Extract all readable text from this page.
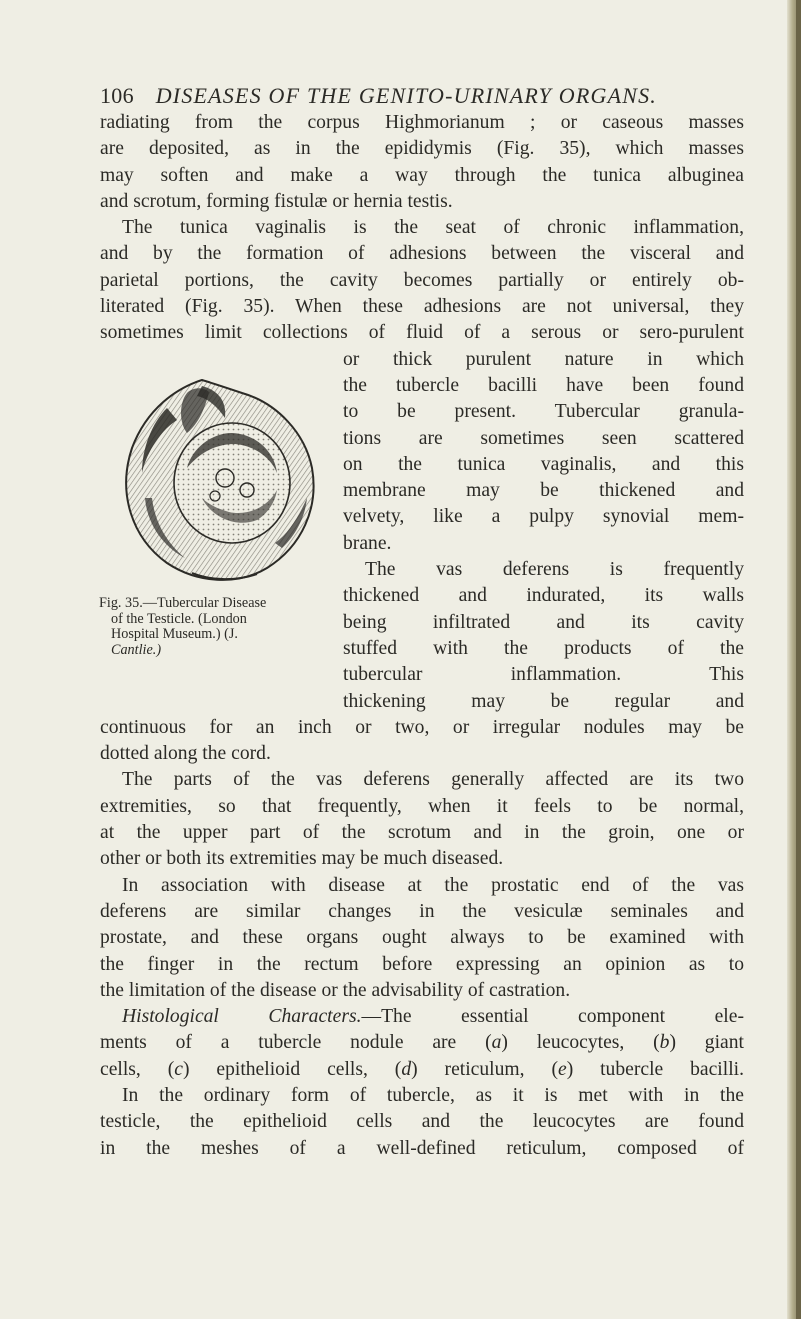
106 DISEASES OF THE GENITO-URINARY ORGANS.
radiating from the corpus Highmorianum ; or caseous masses
are deposited, as in the epididymis (Fig. 35), which masses
may soften and make a way through the tunica albuginea
and scrotum, forming fistulæ or hernia testis.
The tunica vaginalis is the seat of chronic inflammation,
and by the formation of adhesions between the visceral and
parietal portions, the cavity becomes partially or entirely ob-
literated (Fig. 35). When these adhesions are not universal, they
sometimes limit collections of fluid of a serous or sero-purulent
or thick purulent nature in which
the tubercle bacilli have been found
to be present. Tubercular granula-
tions are sometimes seen scattered
on the tunica vaginalis, and this
membrane may be thickened and
velvety, like a pulpy synovial mem-
brane.
The vas deferens is frequently
thickened and indurated, its walls
being infiltrated and its cavity
stuffed with the products of the
tubercular inflammation. This
thickening may be regular and
continuous for an inch or two, or irregular nodules may be
dotted along the cord.
The parts of the vas deferens generally affected are its two
extremities, so that frequently, when it feels to be normal,
at the upper part of the scrotum and in the groin, one or
other or both its extremities may be much diseased.
In association with disease at the prostatic end of the vas
deferens are similar changes in the vesiculæ seminales and
prostate, and these organs ought always to be examined with
the finger in the rectum before expressing an opinion as to
the limitation of the disease or the advisability of castration.
Histological Characters.—The essential component ele-
ments of a tubercle nodule are (a) leucocytes, (b) giant
cells, (c) epithelioid cells, (d) reticulum, (e) tubercle bacilli.
In the ordinary form of tubercle, as it is met with in the
testicle, the epithelioid cells and the leucocytes are found
in the meshes of a well-defined reticulum, composed of
Fig. 35.—Tubercular Disease
of the Testicle. (London
Hospital Museum.) (J.
Cantlie.)
